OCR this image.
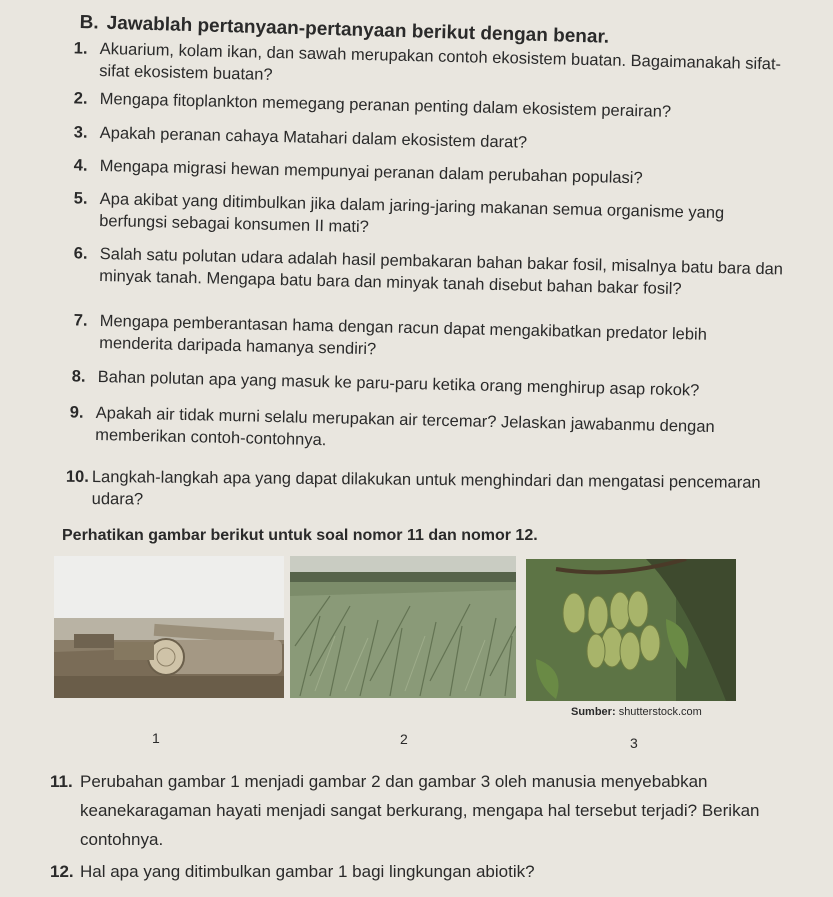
B. Jawablah pertanyaan-pertanyaan berikut dengan benar.
1. Akuarium, kolam ikan, dan sawah merupakan contoh ekosistem buatan. Bagaimanakah sifat-sifat ekosistem buatan?
2. Mengapa fitoplankton memegang peranan penting dalam ekosistem perairan?
3. Apakah peranan cahaya Matahari dalam ekosistem darat?
4. Mengapa migrasi hewan mempunyai peranan dalam perubahan populasi?
5. Apa akibat yang ditimbulkan jika dalam jaring-jaring makanan semua organisme yang berfungsi sebagai konsumen II mati?
6. Salah satu polutan udara adalah hasil pembakaran bahan bakar fosil, misalnya batu bara dan minyak tanah. Mengapa batu bara dan minyak tanah disebut bahan bakar fosil?
7. Mengapa pemberantasan hama dengan racun dapat mengakibatkan predator lebih menderita daripada hamanya sendiri?
8. Bahan polutan apa yang masuk ke paru-paru ketika orang menghirup asap rokok?
9. Apakah air tidak murni selalu merupakan air tercemar? Jelaskan jawabanmu dengan memberikan contoh-contohnya.
10. Langkah-langkah apa yang dapat dilakukan untuk menghindari dan mengatasi pencemaran udara?
Perhatikan gambar berikut untuk soal nomor 11 dan nomor 12.
Sumber: shutterstock.com
1	2	3
11. Perubahan gambar 1 menjadi gambar 2 dan gambar 3 oleh manusia menyebabkan keanekaragaman hayati menjadi sangat berkurang, mengapa hal tersebut terjadi? Berikan contohnya.
12. Hal apa yang ditimbulkan gambar 1 bagi lingkungan abiotik?
